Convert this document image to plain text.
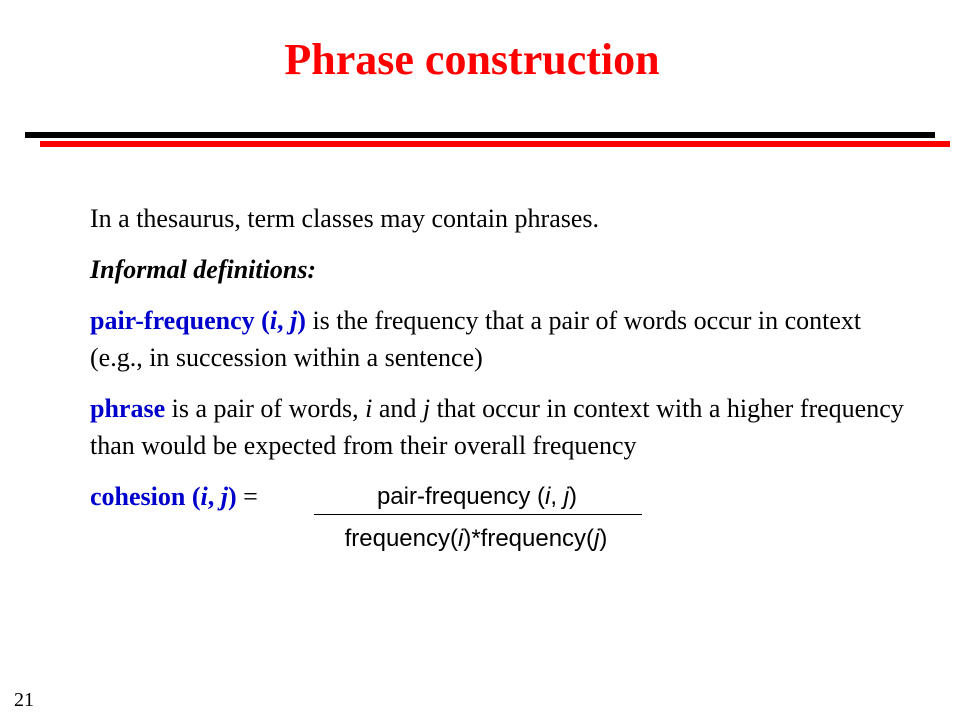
Phrase construction

In a thesaurus, term classes may contain phrases.

Informal definitions:

pair-frequency (i, j) is the frequency that a pair of words occur in context (e.g., in succession within a sentence)

phrase is a pair of words, i and j that occur in context with a higher frequency than would be expected from their overall frequency

cohesion (i, j) =	pair-frequency (i, j)
frequency(i)*frequency(j)
21
